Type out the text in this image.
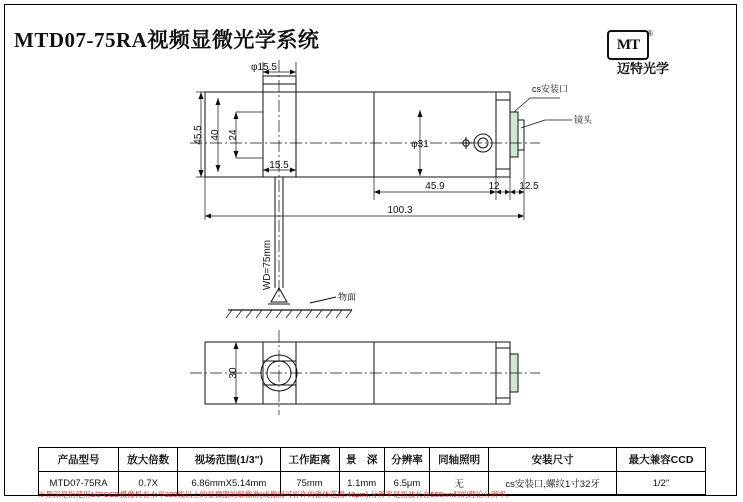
MTD07-75RA视频显微光学系统	MT
®
迈特光学
φ15.5
45.5 40 24
15.5
φ31
45.9	12 12.5
100.3
cs安装口
镜头
WD=75mm
物面
30
产品型号	放大倍数	视场范围(1/3")	工作距离	景　深	分辨率	同轴照明	安装尺寸	最大兼容CCD
MTD07-75RA	0.7X	6.86mmX5.14mm	75mm	1.1mm	6.5μm	无	cs安装口,螺纹1寸32牙	1/2"
※景深是指使用1/2"CCD摄像机在水平320线以上的显微器的解像准(成像面可容许的锥体范围:40μm),分辨率是指波长在550nm时的理论分辨率。
